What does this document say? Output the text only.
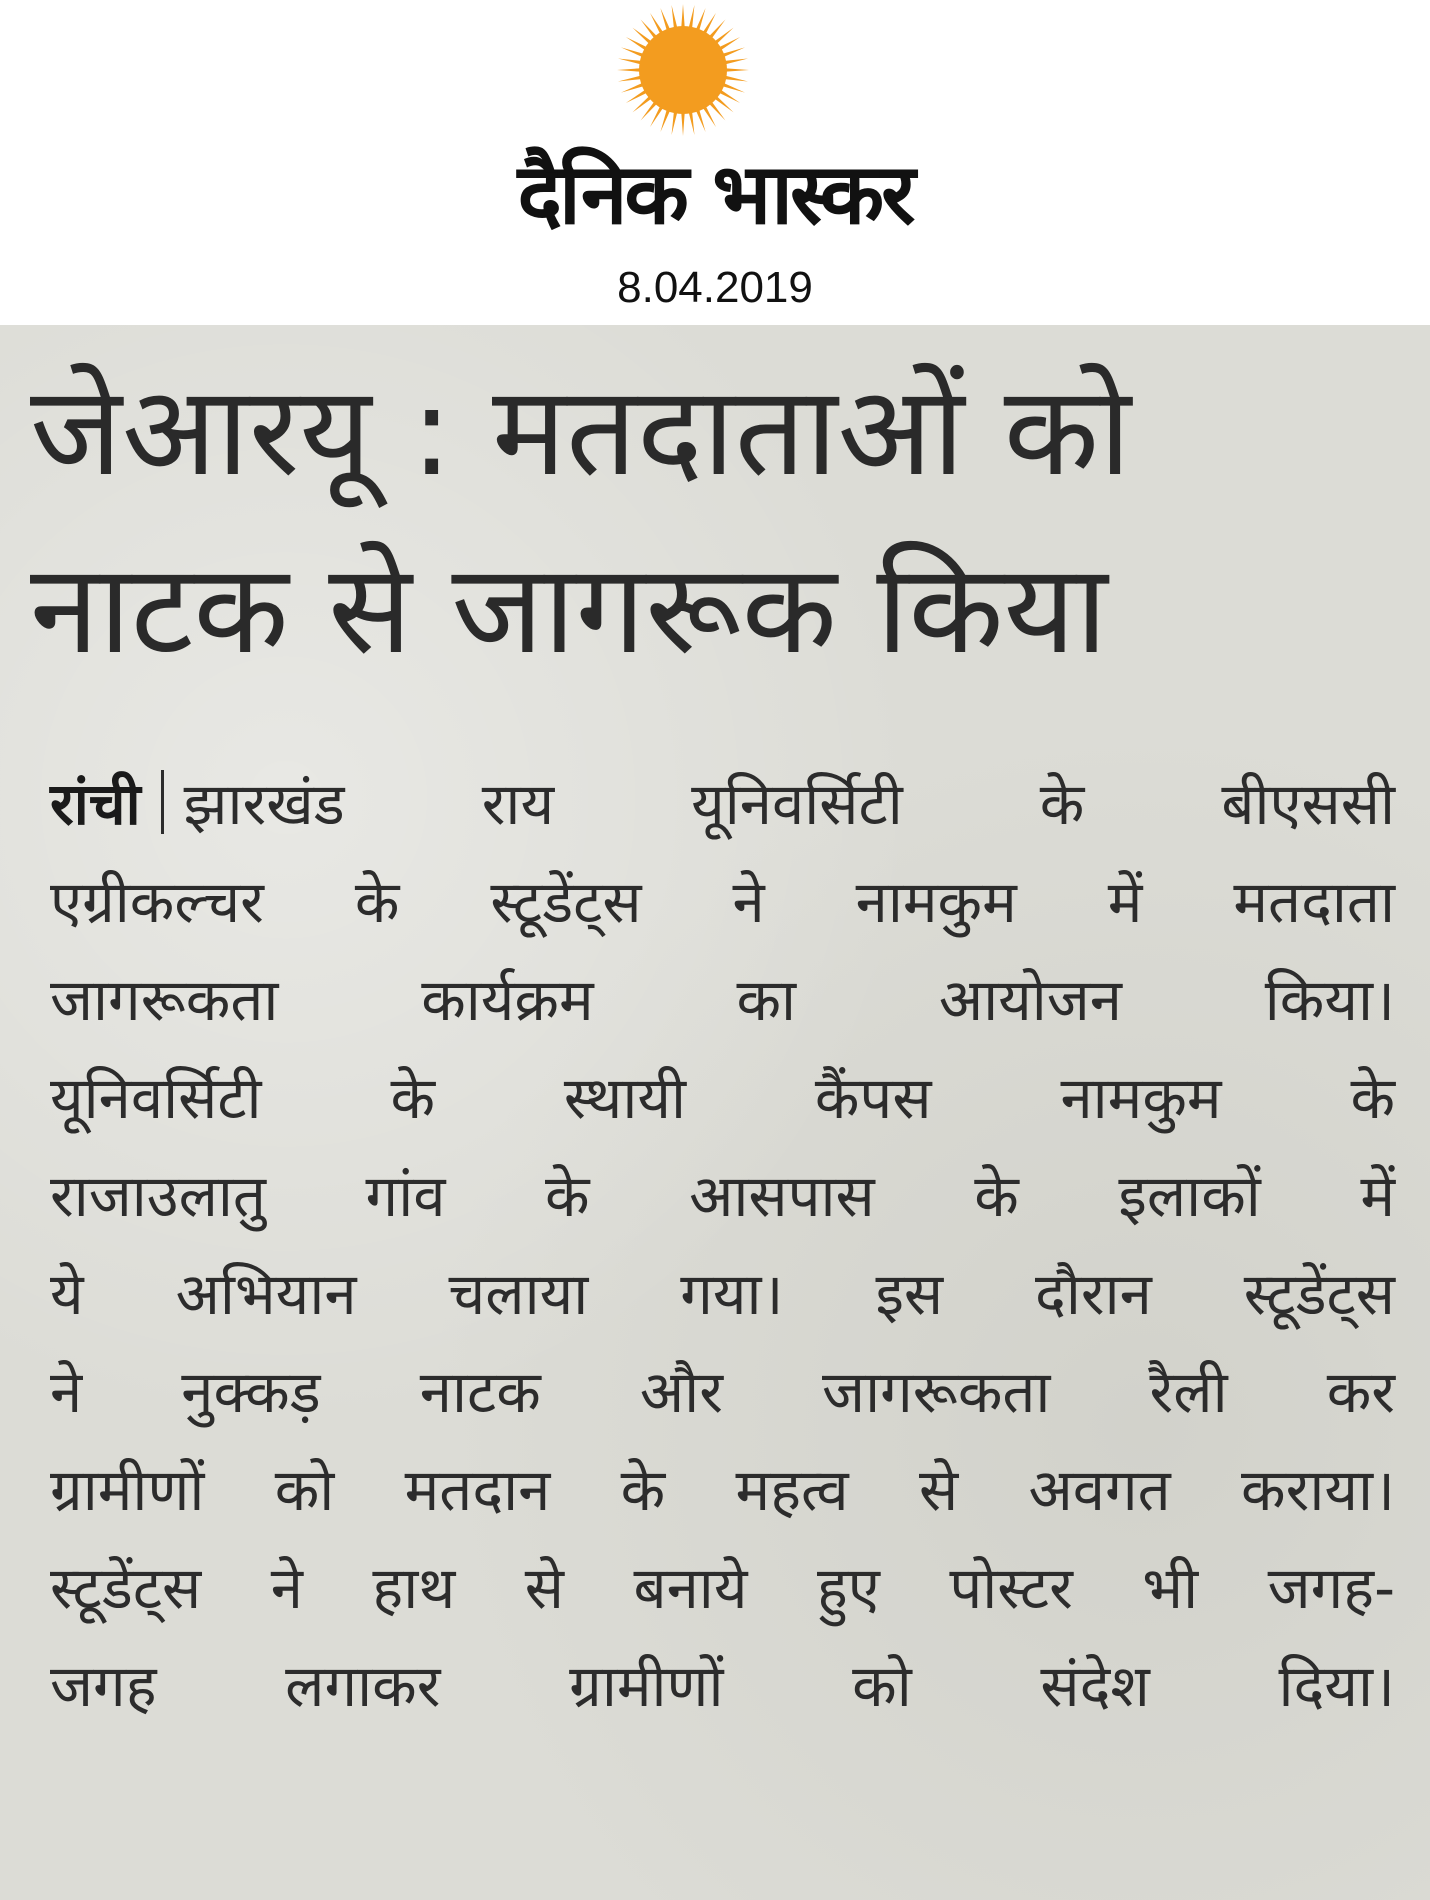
दैनिक भास्कर
8.04.2019
जेआरयू : मतदाताओं को
नाटक से जागरूक किया
रांची झारखंड राय यूनिवर्सिटी के बीएससी
एग्रीकल्चर के स्टूडेंट्स ने नामकुम में मतदाता
जागरूकता कार्यक्रम का आयोजन किया।
यूनिवर्सिटी के स्थायी कैंपस नामकुम के
राजाउलातु गांव के आसपास के इलाकों में
ये अभियान चलाया गया। इस दौरान स्टूडेंट्स
ने नुक्कड़ नाटक और जागरूकता रैली कर
ग्रामीणों को मतदान के महत्व से अवगत कराया।
स्टूडेंट्स ने हाथ से बनाये हुए पोस्टर भी जगह-
जगह लगाकर ग्रामीणों को संदेश दिया।
